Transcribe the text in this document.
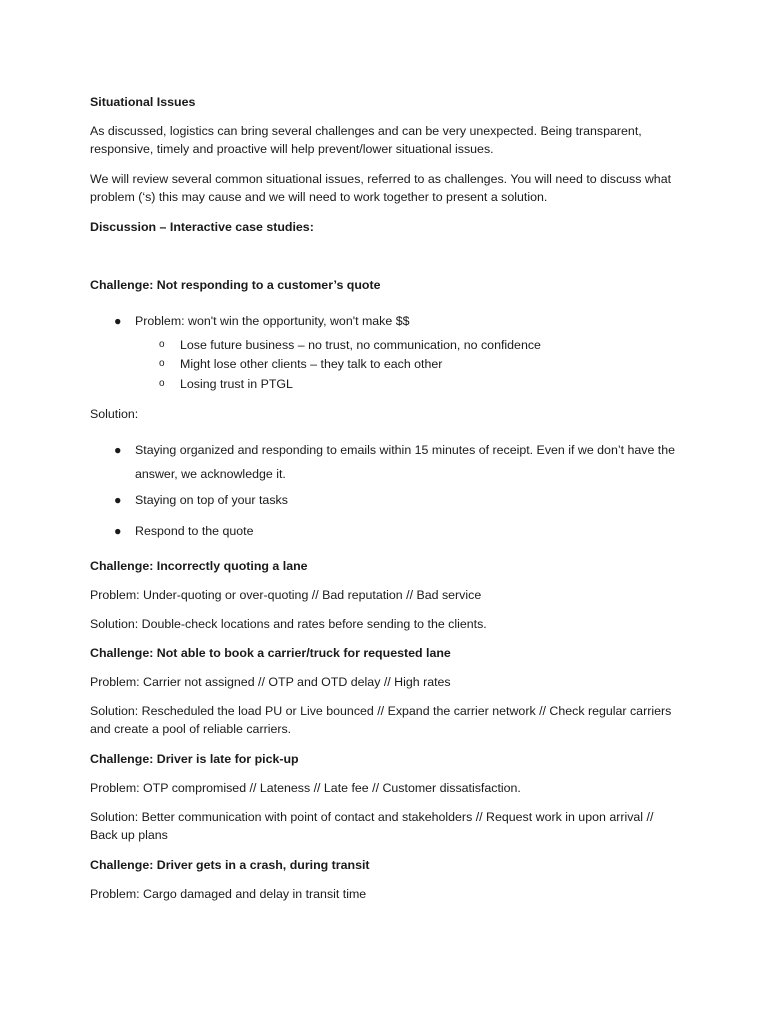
Situational Issues

As discussed, logistics can bring several challenges and can be very unexpected. Being transparent, responsive, timely and proactive will help prevent/lower situational issues.

We will review several common situational issues, referred to as challenges. You will need to discuss what problem (‘s) this may cause and we will need to work together to present a solution.

Discussion – Interactive case studies:

Challenge: Not responding to a customer’s quote

● Problem: won't win the opportunity, won't make $$
o Lose future business – no trust, no communication, no confidence
o Might lose other clients – they talk to each other
o Losing trust in PTGL

Solution:

● Staying organized and responding to emails within 15 minutes of receipt. Even if we don’t have the answer, we acknowledge it.
● Staying on top of your tasks
● Respond to the quote

Challenge: Incorrectly quoting a lane

Problem: Under-quoting or over-quoting // Bad reputation // Bad service

Solution: Double-check locations and rates before sending to the clients.

Challenge: Not able to book a carrier/truck for requested lane

Problem: Carrier not assigned // OTP and OTD delay // High rates

Solution: Rescheduled the load PU or Live bounced // Expand the carrier network // Check regular carriers and create a pool of reliable carriers.

Challenge: Driver is late for pick-up

Problem: OTP compromised // Lateness // Late fee // Customer dissatisfaction.

Solution: Better communication with point of contact and stakeholders // Request work in upon arrival // Back up plans

Challenge: Driver gets in a crash, during transit

Problem: Cargo damaged and delay in transit time
